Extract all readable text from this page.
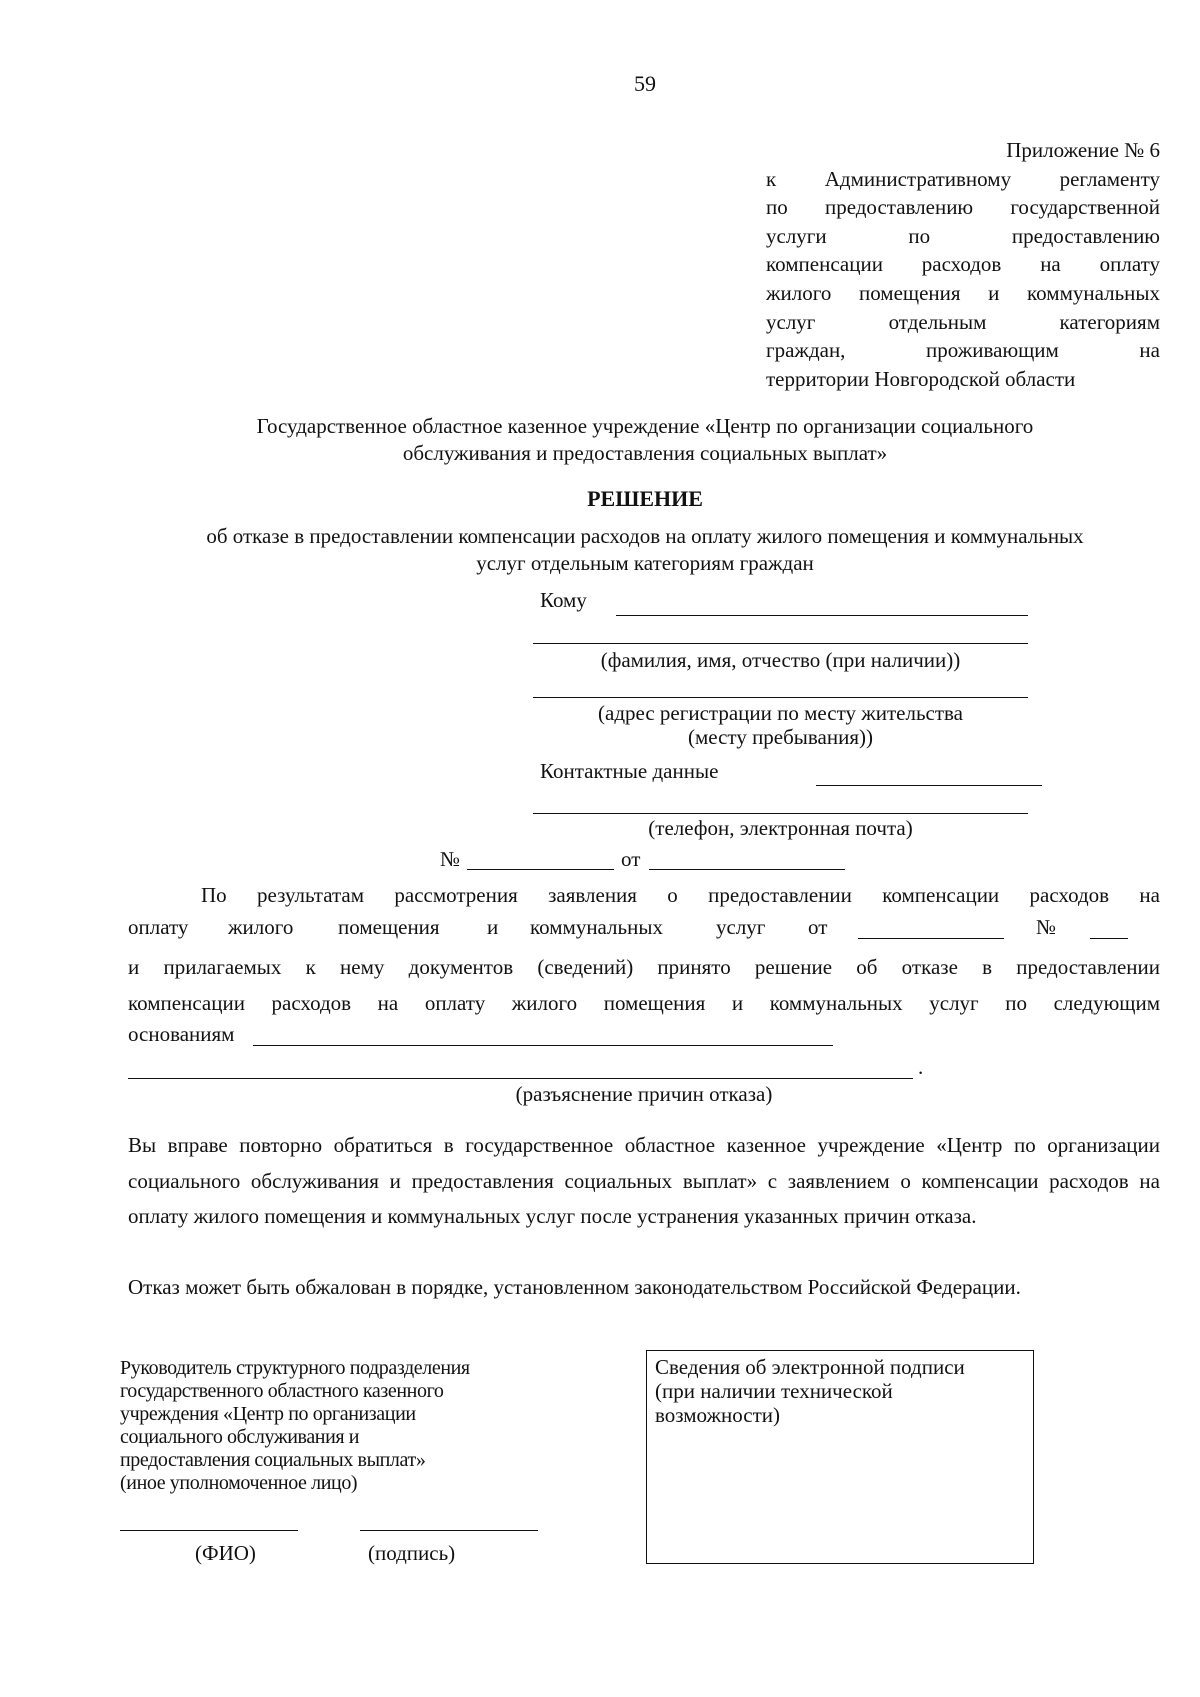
59
Приложение № 6
к Административному регламенту
по предоставлению государственной
услуги по предоставлению
компенсации расходов на оплату
жилого помещения и коммунальных
услуг отдельным категориям
граждан, проживающим на
территории Новгородской области
Государственное областное казенное учреждение «Центр по организации социального
обслуживания и предоставления социальных выплат»
РЕШЕНИЕ
об отказе в предоставлении компенсации расходов на оплату жилого помещения и коммунальных
услуг отдельным категориям граждан
Кому
(фамилия, имя, отчество (при наличии))
(адрес регистрации по месту жительства
(месту пребывания))
Контактные данные
(телефон, электронная почта)
№	от
По результатам рассмотрения заявления о предоставлении компенсации расходов на
оплату жилого помещения и коммунальных	услуг от	№
и прилагаемых к нему документов (сведений) принято решение об отказе в предоставлении
компенсации расходов на оплату жилого помещения и коммунальных услуг по следующим
основаниям
.
(разъяснение причин отказа)
Вы вправе повторно обратиться в государственное областное казенное учреждение «Центр по организации социального обслуживания и предоставления социальных выплат» с заявлением о компенсации расходов на оплату жилого помещения и коммунальных услуг после устранения указанных причин отказа.
Отказ может быть обжалован в порядке, установленном законодательством Российской Федерации.
Руководитель структурного подразделения
государственного областного казенного
учреждения «Центр по организации
социального обслуживания и
предоставления социальных выплат»
(иное уполномоченное лицо)
(ФИО)	(подпись)
Сведения об электронной подписи
(при наличии технической
возможности)
